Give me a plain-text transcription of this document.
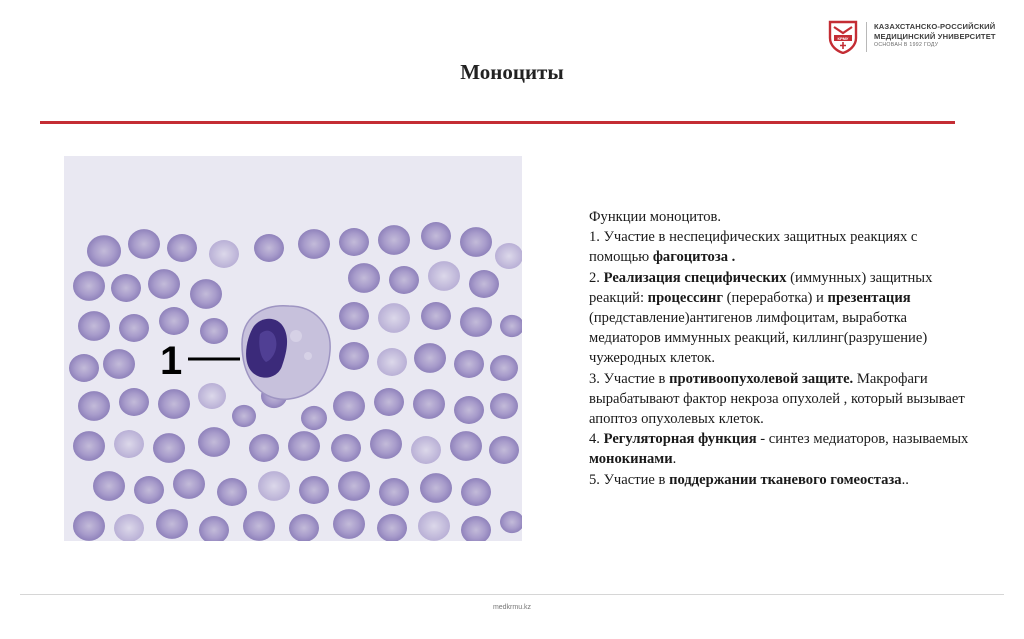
КРМУ
КАЗАХСТАНСКО-РОССИЙСКИЙ
МЕДИЦИНСКИЙ УНИВЕРСИТЕТ
ОСНОВАН В 1992 ГОДУ
Моноциты
1

Функции моноцитов.

1. Участие в неспецифических защитных реакциях с помощью фагоцитоза .

2. Реализация специфических (иммунных) защитных реакций: процессинг (переработка) и презентация (представление)антигенов лимфоцитам, выработка медиаторов иммунных реакций, киллинг(разрушение) чужеродных клеток.

3. Участие в противоопухолевой защите. Макрофаги вырабатывают фактор некроза опухолей , который вызывает апоптоз опухолевых клеток.

4. Регуляторная функция - синтез медиаторов, называемых монокинами.

5. Участие в поддержании тканевого гомеостаза..

medkrmu.kz
